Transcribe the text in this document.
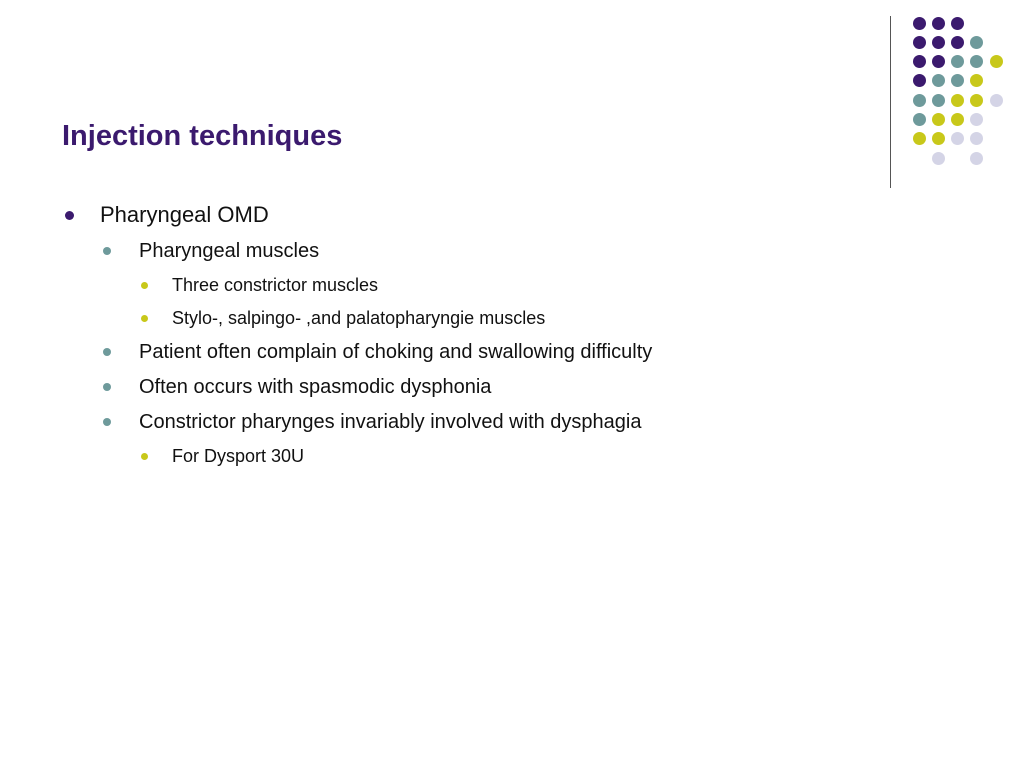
Injection techniques
Pharyngeal OMD
Pharyngeal muscles
Three constrictor muscles
Stylo-, salpingo- ,and palatopharyngie muscles
Patient often complain of choking and swallowing difficulty
Often occurs with spasmodic dysphonia
Constrictor pharynges invariably involved with dysphagia
For Dysport 30U
